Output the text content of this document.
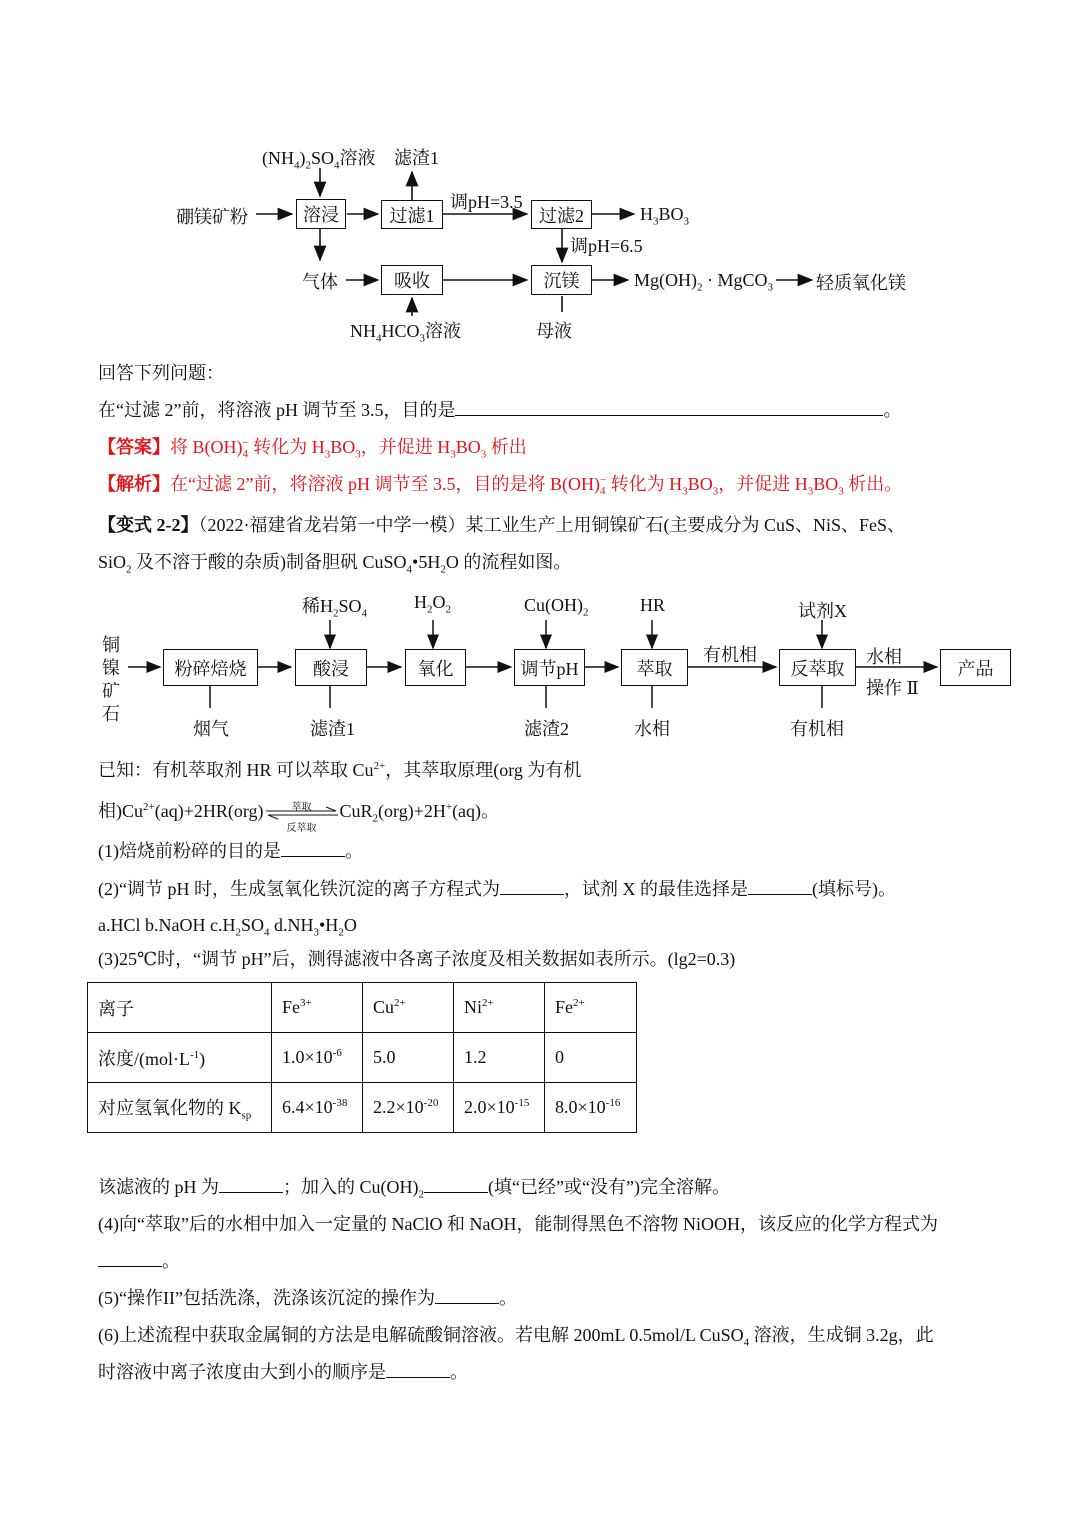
硼镁矿粉
$(NH_4)_2SO_4$溶液
溶浸
滤渣1
过滤1
调pH=3.5
过滤2	$H_3BO_3$
气体	吸收
$NH_4HCO_3$溶液
调pH=6.5
沉镁
母液
$Mg(OH)_2$ · MgCO$_3$ 轻质氧化镁
回答下列问题：
在“过滤 2”前，将溶液 pH 调节至 3.5，目的是	。
【答案】将 B(OH) −
4 转化为 $H_3BO_3$，并促进 $H_3BO_3$ 析出
【解析】在“过滤 2”前，将溶液 pH 调节至 3.5，目的是将 B(OH) −
4 转化为 $H_3BO_3$，并促进 $H_3BO_3$ 析出。
【变式 2-2】（2022·福建省龙岩第一中学一模）某工业生产上用铜镍矿石(主要成分为 CuS、NiS、FeS、
SiO$_2$ 及不溶于酸的杂质)制备胆矾 $CuSO_4•5H_2O$ 的流程如图。
铜
镍
矿
石
粉碎焙烧
烟气
稀$H_2SO_4$
酸浸
滤渣1
$H_2O_2$
氧化
$Cu(OH)_2$
调节pH
滤渣2
HR
萃取
水相
有机相
试剂X
反萃取
有机相
水相
操作 Ⅱ
产品
已知：有机萃取剂 HR 可以萃取 $Cu^{2+}$，其萃取原理(org 为有机
相)$Cu^{2+}(aq)+2HR(org)$	萃取
反萃取
CuR$_2$(org)+2H+(aq)。
(1)焙烧前粉碎的目的是	。
(2)“调节 pH 时，生成氢氧化铁沉淀的离子方程式为	，试剂 X 的最佳选择是	(填标号)。
a.HCl b.NaOH $c.H_2SO_4$ $d.NH_3•H_2O$
(3)25℃时，“调节 pH”后，测得滤液中各离子浓度及相关数据如表所示。(lg2=0.3)
离子	$Fe^{3+}$	$Cu^{2+}$	$Ni^{2+}$	$Fe^{2+}$
浓度$/(mol\cdot L^{-1})$	$1.0\times 10^{-6}$	5.0	1.2	0
对应氢氧化物的 $K_{sp}$	$6.4\times 10^{-38}$	$2.2\times 10^{-20}$	$2.0\times 10^{-15}$	$8.0\times 10^{-16}$
该滤液的 pH 为	；加入的 $Cu(OH)_2$	(填“已经”或“没有”)完全溶解。
(4)向“萃取”后的水相中加入一定量的 NaClO 和 NaOH，能制得黑色不溶物 NiOOH，该反应的化学方程式为
。
(5)“操作II”包括洗涤，洗涤该沉淀的操作为	。
(6)上述流程中获取金属铜的方法是电解硫酸铜溶液。若电解 200mL 0.5mol/L CuSO$_4$ 溶液，生成铜 3.2g，此
时溶液中离子浓度由大到小的顺序是	。
